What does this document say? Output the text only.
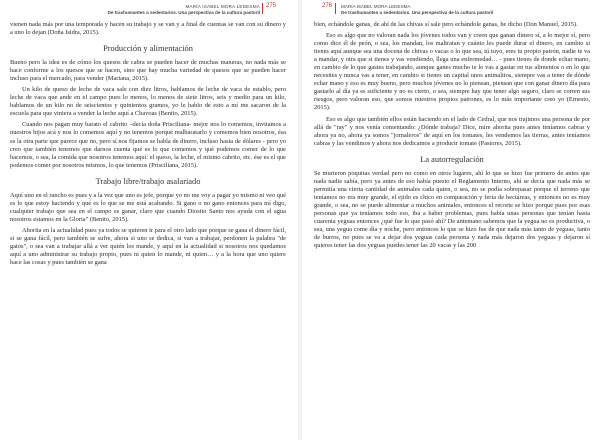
MARÍA ISABEL MORA LEDESMA
De trashumantes a sedentarios. Una perspectiva de la cultura pastoril
275

vienen nada más por una temporada y hacen su trabajo y se van y a final de cuentas se van con su dinero y a uno lo dejan (Doña Isidra, 2015).

Producción y alimentación

Bueno pero la idea es de cómo los quesos de cabra se pueden hacer de muchas maneras, no nada más se hace conforme a los quesos que se hacen, sino que hay mucha variedad de quesos que se pueden hacer incluso para el mercado, para vender (Mariana, 2015).

Un kilo de queso de leche de vaca sale con diez litros, hablamos de leche de vaca de establo, pero leche de vaca que ande en el campo pues lo menos, lo menos de siete litros, seis y medio para un kilo, hablamos de un kilo no de seiscientos y quinientos gramos, yo le hablo de esto a mí me sacaron de la escuela para que viniera a vender la leche aquí a Chavoas (Benito, 2015).

Cuando nos pagan muy barato el cabrito –decía doña Prisciliana- mejor nos lo comemos, invitamos a nuestros hijos acá y nos lo comemos aquí y no tenemos porqué malbaratarlo y comemos bien nosotros, ésa es la otra parte que parece que no, pero sí nos fijamos se habla de dinero, incluso hasta de dólares - pero yo creo que también tenemos que darnos cuenta qué es lo que comemos y qué podemos comer de lo que hacemos, o sea, la comida que nosotros tenemos aquí: el queso, la leche, el mismo cabrito, etc. ése es el que podemos comer por nosotros mismos, lo que tenemos (Prisciliana, 2015).

Trabajo libre/trabajo asalariado

Aquí uno en el rancho es pues y a la vez que uno es jefe, porque yo no me voy a pagar yo mismo ni veo qué es lo que estoy haciendo y qué es lo que se me está acabando. Si gano o no gano entonces para mí digo, cualquier trabajo que sea en el campo es ganar, claro que cuando Diosito Santo nos ayuda con el agua nosotros estamos en la Gloria" (Benito, 2015).

Ahorita en la actualidad pues ya todos se quieren ir para el otro lado que porque se gana el dinero fácil, si se gana fácil, pero también se sufre, ahora si uno se dedica, si van a trabajar, perdonen la palabra "de gatos", o sea van a trabajar allá a ver quién los mande, y aquí en la actualidad si nosotros nos quedamos aquí a uno administrar su trabajo propio, pues ni quien lo mande, ni quien… y a la hora que uno quiere hace las cosas y pues también se gana

276 MARÍA ISABEL MORA LEDESMA
De trashumantes a sedentarios. Una perspectiva de la cultura pastoril

bien, echándole ganas, de ahí de las chivas sí sale pero echándole ganas, he dicho (Don Manuel, 2015).

Eso es algo que no valoran nada los jóvenes todos van y creen que ganan dinero sí, a lo mejor sí, pero como dice él de peón, o sea, los mandan, los maltratan y cuánto les puede durar el dinero, en cambio si tienes aquí aunque sea una docena de chivas o vacas o lo que sea, tú tuyo, eres tu propio patrón, nadie te va a mandar, y otra que si tienes y vas vendiendo, llega una enfermedad… - pues tienes de donde echar mano, en cambio de lo que gastes trabajando, aunque ganes mucho te lo vas a gastar en tus alimentos o en lo que necesites y nunca vas a tener, en cambio si tienes un capital unos animalitos, siempre vas a tener de dónde echar mano y eso es muy bueno, pero muchos jóvenes no lo piensan, piensan que con ganar dinero día para gastarlo al día ya es suficiente y no es cierto, o sea, siempre hay que tener algo seguro, claro se corren sus riesgos, pero valoran eso, que somos nuestros propios patrones, es lo más importante creo yo (Ernesto, 2015).

Eso es algo que también ellos están haciendo en el lado de Cedral, que nos trajimos una persona de por allá de "ray" y nos venía comentando: ¿Dónde trabaja? Dice, mire ahorita pues antes teníamos cabras y ahora ya no, ahora ya somos "jornaleros" de aquí en los tomates, les vendemos las tierras, antes teníamos cabras y las vendimos y ahora nos dedicamos a producir tomate (Pastores, 2015).

La autorregulación

Se murieron poquitas verdad pero no como en otros lugares, ahí lo que se hizo fue primero de antes que nada nadie sabía, pero ya antes de eso había puesto el Reglamento Interno, ahí se decía que nada más se permitía una cierta cantidad de animales cada quien, o sea, no se podía sobrepasar porque el terreno que teníamos no era muy grande, el ejido es chico en comparación y feria de hectáreas, y entonces no es muy grande, o sea, no se puede alimentar a muchos animales, entonces el recorte se hizo porque pues por esas personas que ya teníamos todo eso, iba a haber problemas, pues había unas personas que tenían hasta cuarenta yeguas entonces ¿qué fue lo que pasó ahí? De antemano sabemos que la yegua no es productiva, o sea, una yegua come día y noche, pero entonces lo que se hizo fue de que nada más tanto de yeguas, tanto de burros, no pues se va a dejar dos yeguas cada persona y nada más dejaron dos yeguas y dejaron sí quieres tener las dos yeguas puedes tener las 20 vacas y las 200
